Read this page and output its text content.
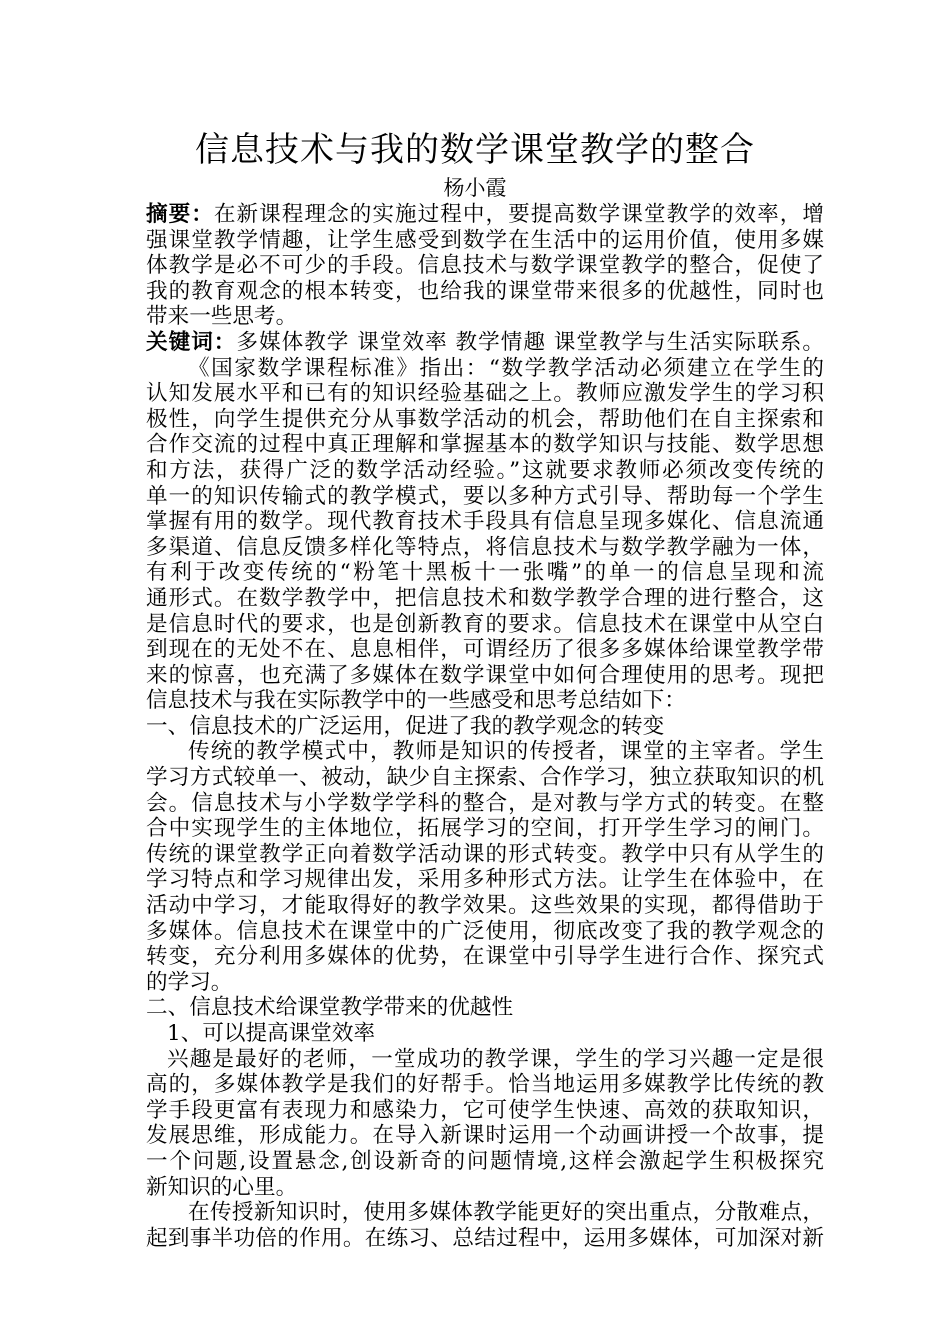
信息技术与我的数学课堂教学的整合
杨小霞
摘要：在新课程理念的实施过程中，要提高数学课堂教学的效率，增
强课堂教学情趣，让学生感受到数学在生活中的运用价值，使用多媒
体教学是必不可少的手段。信息技术与数学课堂教学的整合，促使了
我的教育观念的根本转变，也给我的课堂带来很多的优越性，同时也
带来一些思考。
关键词：多媒体教学 课堂效率 教学情趣 课堂教学与生活实际联系。
《国家数学课程标准》指出：“数学教学活动必须建立在学生的
认知发展水平和已有的知识经验基础之上。教师应激发学生的学习积
极性，向学生提供充分从事数学活动的机会，帮助他们在自主探索和
合作交流的过程中真正理解和掌握基本的数学知识与技能、数学思想
和方法，获得广泛的数学活动经验。”这就要求教师必须改变传统的
单一的知识传输式的教学模式，要以多种方式引导、帮助每一个学生
掌握有用的数学。现代教育技术手段具有信息呈现多媒化、信息流通
多渠道、信息反馈多样化等特点，将信息技术与数学教学融为一体，
有利于改变传统的“粉笔十黑板十一张嘴”的单一的信息呈现和流
通形式。在数学教学中，把信息技术和数学教学合理的进行整合，这
是信息时代的要求，也是创新教育的要求。信息技术在课堂中从空白
到现在的无处不在、息息相伴，可谓经历了很多多媒体给课堂教学带
来的惊喜，也充满了多媒体在数学课堂中如何合理使用的思考。现把
信息技术与我在实际教学中的一些感受和思考总结如下：
一、信息技术的广泛运用，促进了我的教学观念的转变
传统的教学模式中，教师是知识的传授者，课堂的主宰者。学生
学习方式较单一、被动，缺少自主探索、合作学习，独立获取知识的机
会。信息技术与小学数学学科的整合，是对教与学方式的转变。在整
合中实现学生的主体地位，拓展学习的空间，打开学生学习的闸门。
传统的课堂教学正向着数学活动课的形式转变。教学中只有从学生的
学习特点和学习规律出发，采用多种形式方法。让学生在体验中，在
活动中学习，才能取得好的教学效果。这些效果的实现，都得借助于
多媒体。信息技术在课堂中的广泛使用，彻底改变了我的教学观念的
转变，充分利用多媒体的优势，在课堂中引导学生进行合作、探究式
的学习。
二、信息技术给课堂教学带来的优越性
1、可以提高课堂效率
兴趣是最好的老师，一堂成功的教学课，学生的学习兴趣一定是很
高的，多媒体教学是我们的好帮手。恰当地运用多媒教学比传统的教
学手段更富有表现力和感染力，它可使学生快速、高效的获取知识，
发展思维，形成能力。在导入新课时运用一个动画讲授一个故事，提
一个问题,设置悬念,创设新奇的问题情境,这样会激起学生积极探究
新知识的心里。
在传授新知识时，使用多媒体教学能更好的突出重点，分散难点，
起到事半功倍的作用。在练习、总结过程中，运用多媒体，可加深对新
